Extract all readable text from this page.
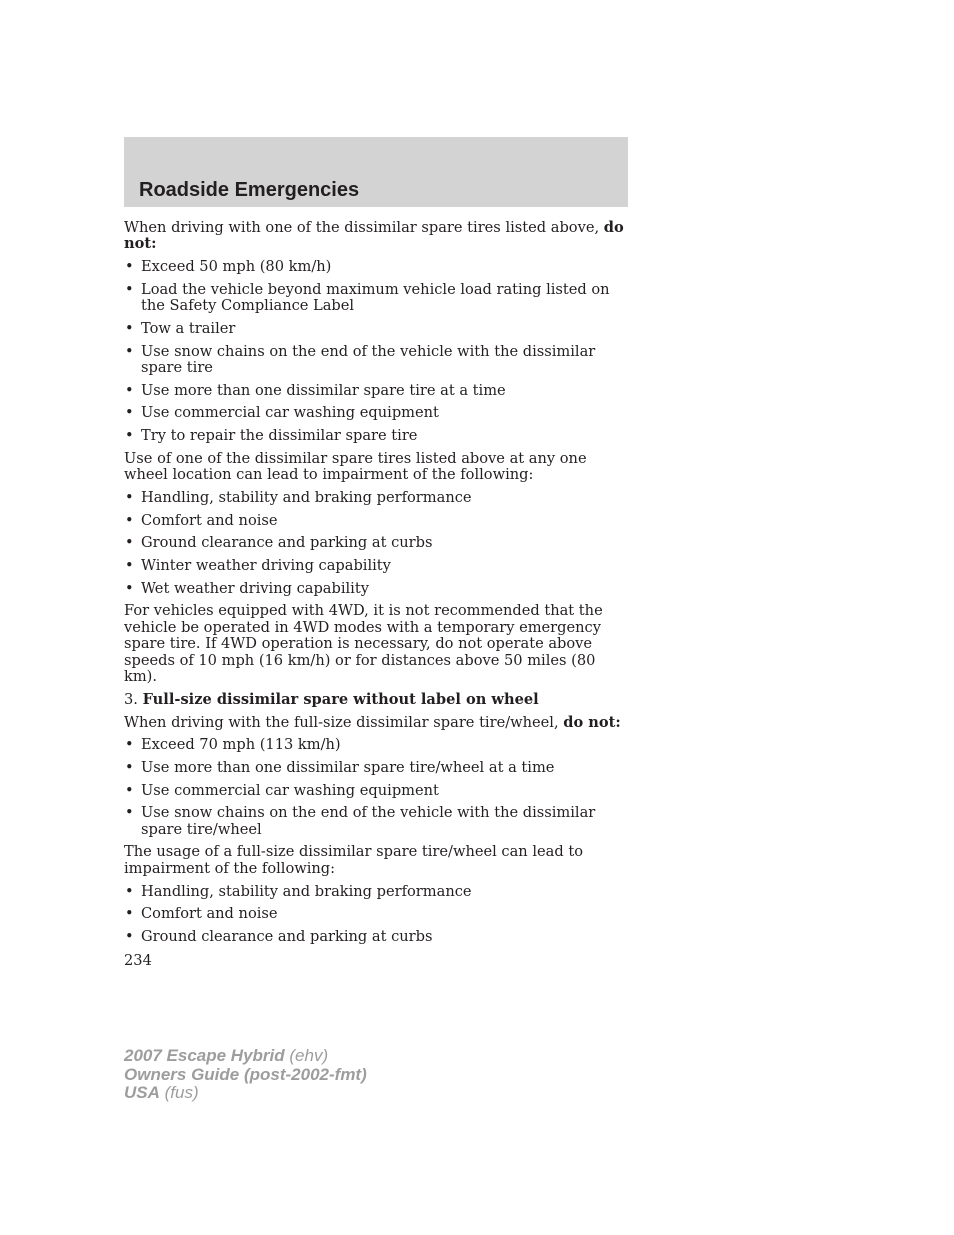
Roadside Emergencies

When driving with one of the dissimilar spare tires listed above, do not:

• Exceed 50 mph (80 km/h)
• Load the vehicle beyond maximum vehicle load rating listed on the Safety Compliance Label
• Tow a trailer
• Use snow chains on the end of the vehicle with the dissimilar spare tire
• Use more than one dissimilar spare tire at a time
• Use commercial car washing equipment
• Try to repair the dissimilar spare tire

Use of one of the dissimilar spare tires listed above at any one wheel location can lead to impairment of the following:

• Handling, stability and braking performance
• Comfort and noise
• Ground clearance and parking at curbs
• Winter weather driving capability
• Wet weather driving capability

For vehicles equipped with 4WD, it is not recommended that the vehicle be operated in 4WD modes with a temporary emergency spare tire. If 4WD operation is necessary, do not operate above speeds of 10 mph (16 km/h) or for distances above 50 miles (80 km).

3. Full-size dissimilar spare without label on wheel

When driving with the full-size dissimilar spare tire/wheel, do not:

• Exceed 70 mph (113 km/h)
• Use more than one dissimilar spare tire/wheel at a time
• Use commercial car washing equipment
• Use snow chains on the end of the vehicle with the dissimilar spare tire/wheel

The usage of a full-size dissimilar spare tire/wheel can lead to impairment of the following:

• Handling, stability and braking performance
• Comfort and noise
• Ground clearance and parking at curbs

234

2007 Escape Hybrid (ehv)
Owners Guide (post-2002-fmt)
USA (fus)
